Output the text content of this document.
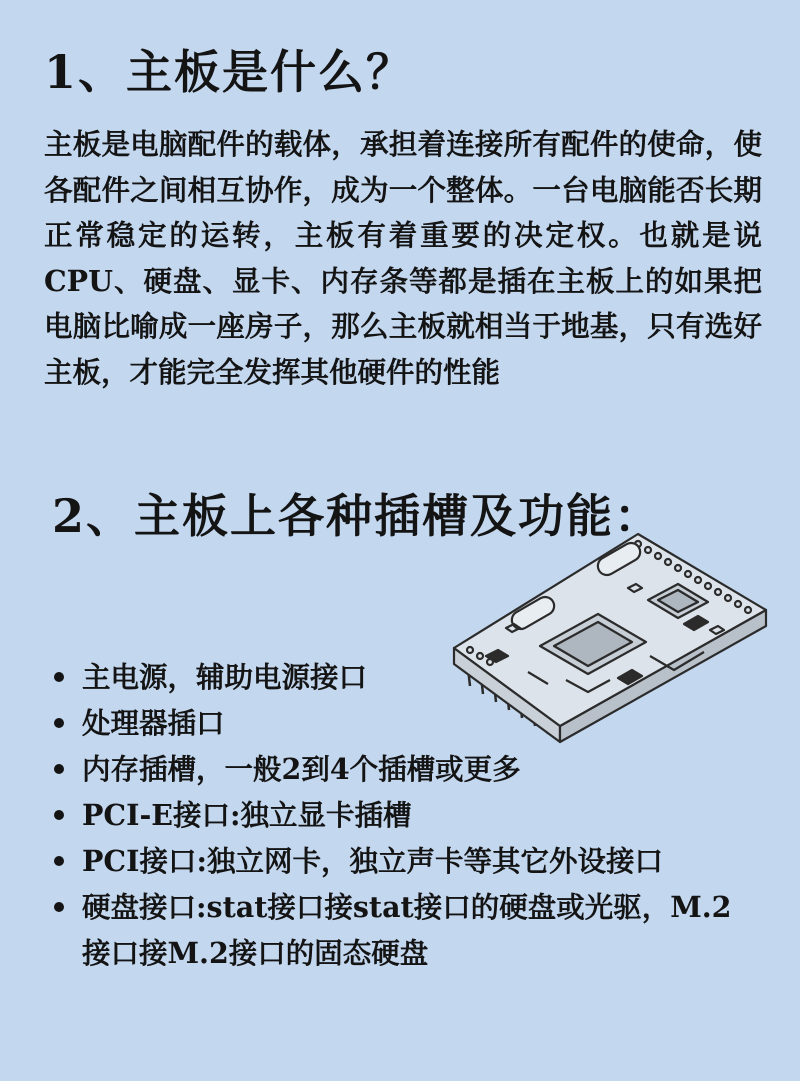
1、主板是什么？

主板是电脑配件的载体，承担着连接所有配件的使命，使各配件之间相互协作，成为一个整体。一台电脑能否长期正常稳定的运转，主板有着重要的决定权。也就是说CPU、硬盘、显卡、内存条等都是插在主板上的如果把电脑比喻成一座房子，那么主板就相当于地基，只有选好主板，才能完全发挥其他硬件的性能

2、主板上各种插槽及功能：
主电源，辅助电源接口
处理器插口
内存插槽，一般2到4个插槽或更多
PCI-E接口:独立显卡插槽
PCI接口:独立网卡，独立声卡等其它外设接口
硬盘接口:stat接口接stat接口的硬盘或光驱，M.2接口接M.2接口的固态硬盘
